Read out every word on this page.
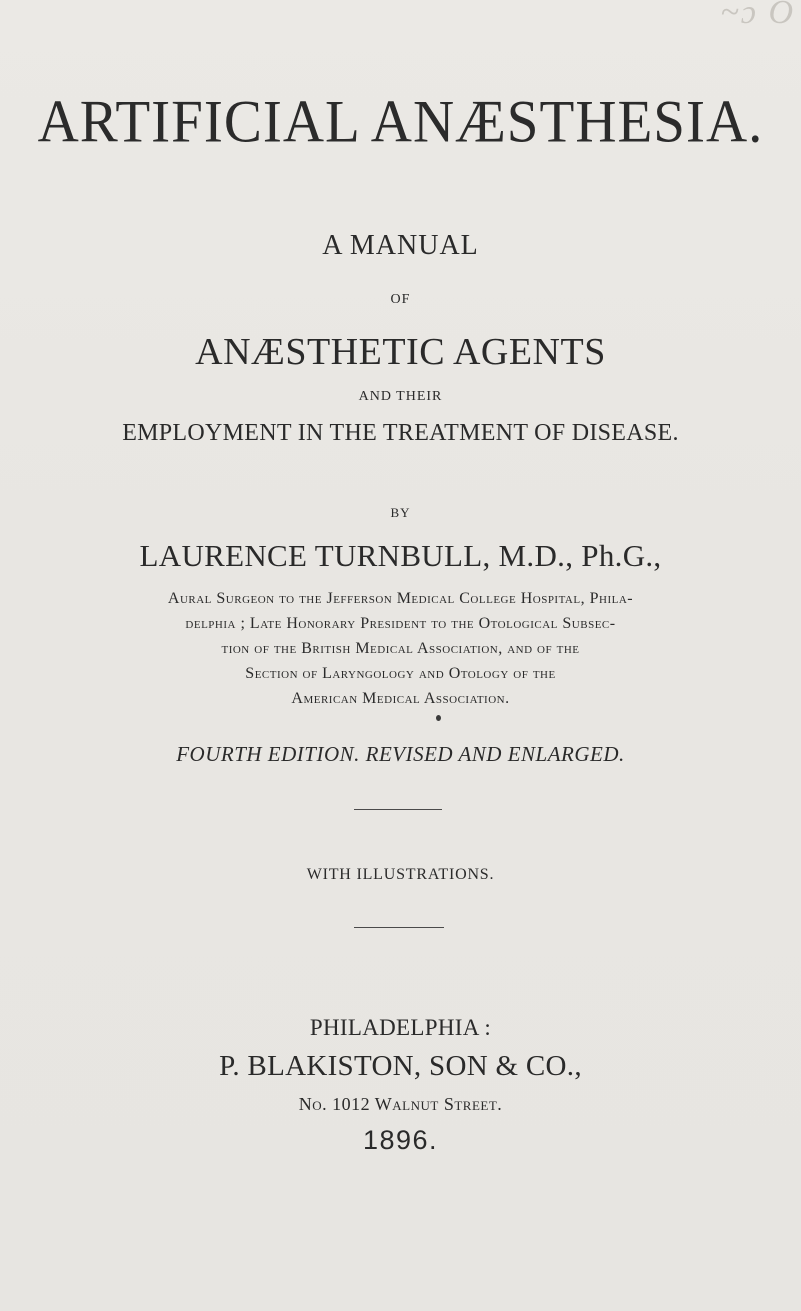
~ɔ O
ARTIFICIAL ANÆSTHESIA.
A MANUAL
OF
ANÆSTHETIC AGENTS
AND THEIR
EMPLOYMENT IN THE TREATMENT OF DISEASE.
BY
LAURENCE TURNBULL, M.D., Ph.G.,
Aural Surgeon to the Jefferson Medical College Hospital, Phila-
delphia ; Late Honorary President to the Otological Subsec-
tion of the British Medical Association, and of the
Section of Laryngology and Otology of the
American Medical Association.
FOURTH EDITION. REVISED AND ENLARGED.
WITH ILLUSTRATIONS.
PHILADELPHIA :
P. BLAKISTON, SON & CO.,
No. 1012 Walnut Street.
1896.
